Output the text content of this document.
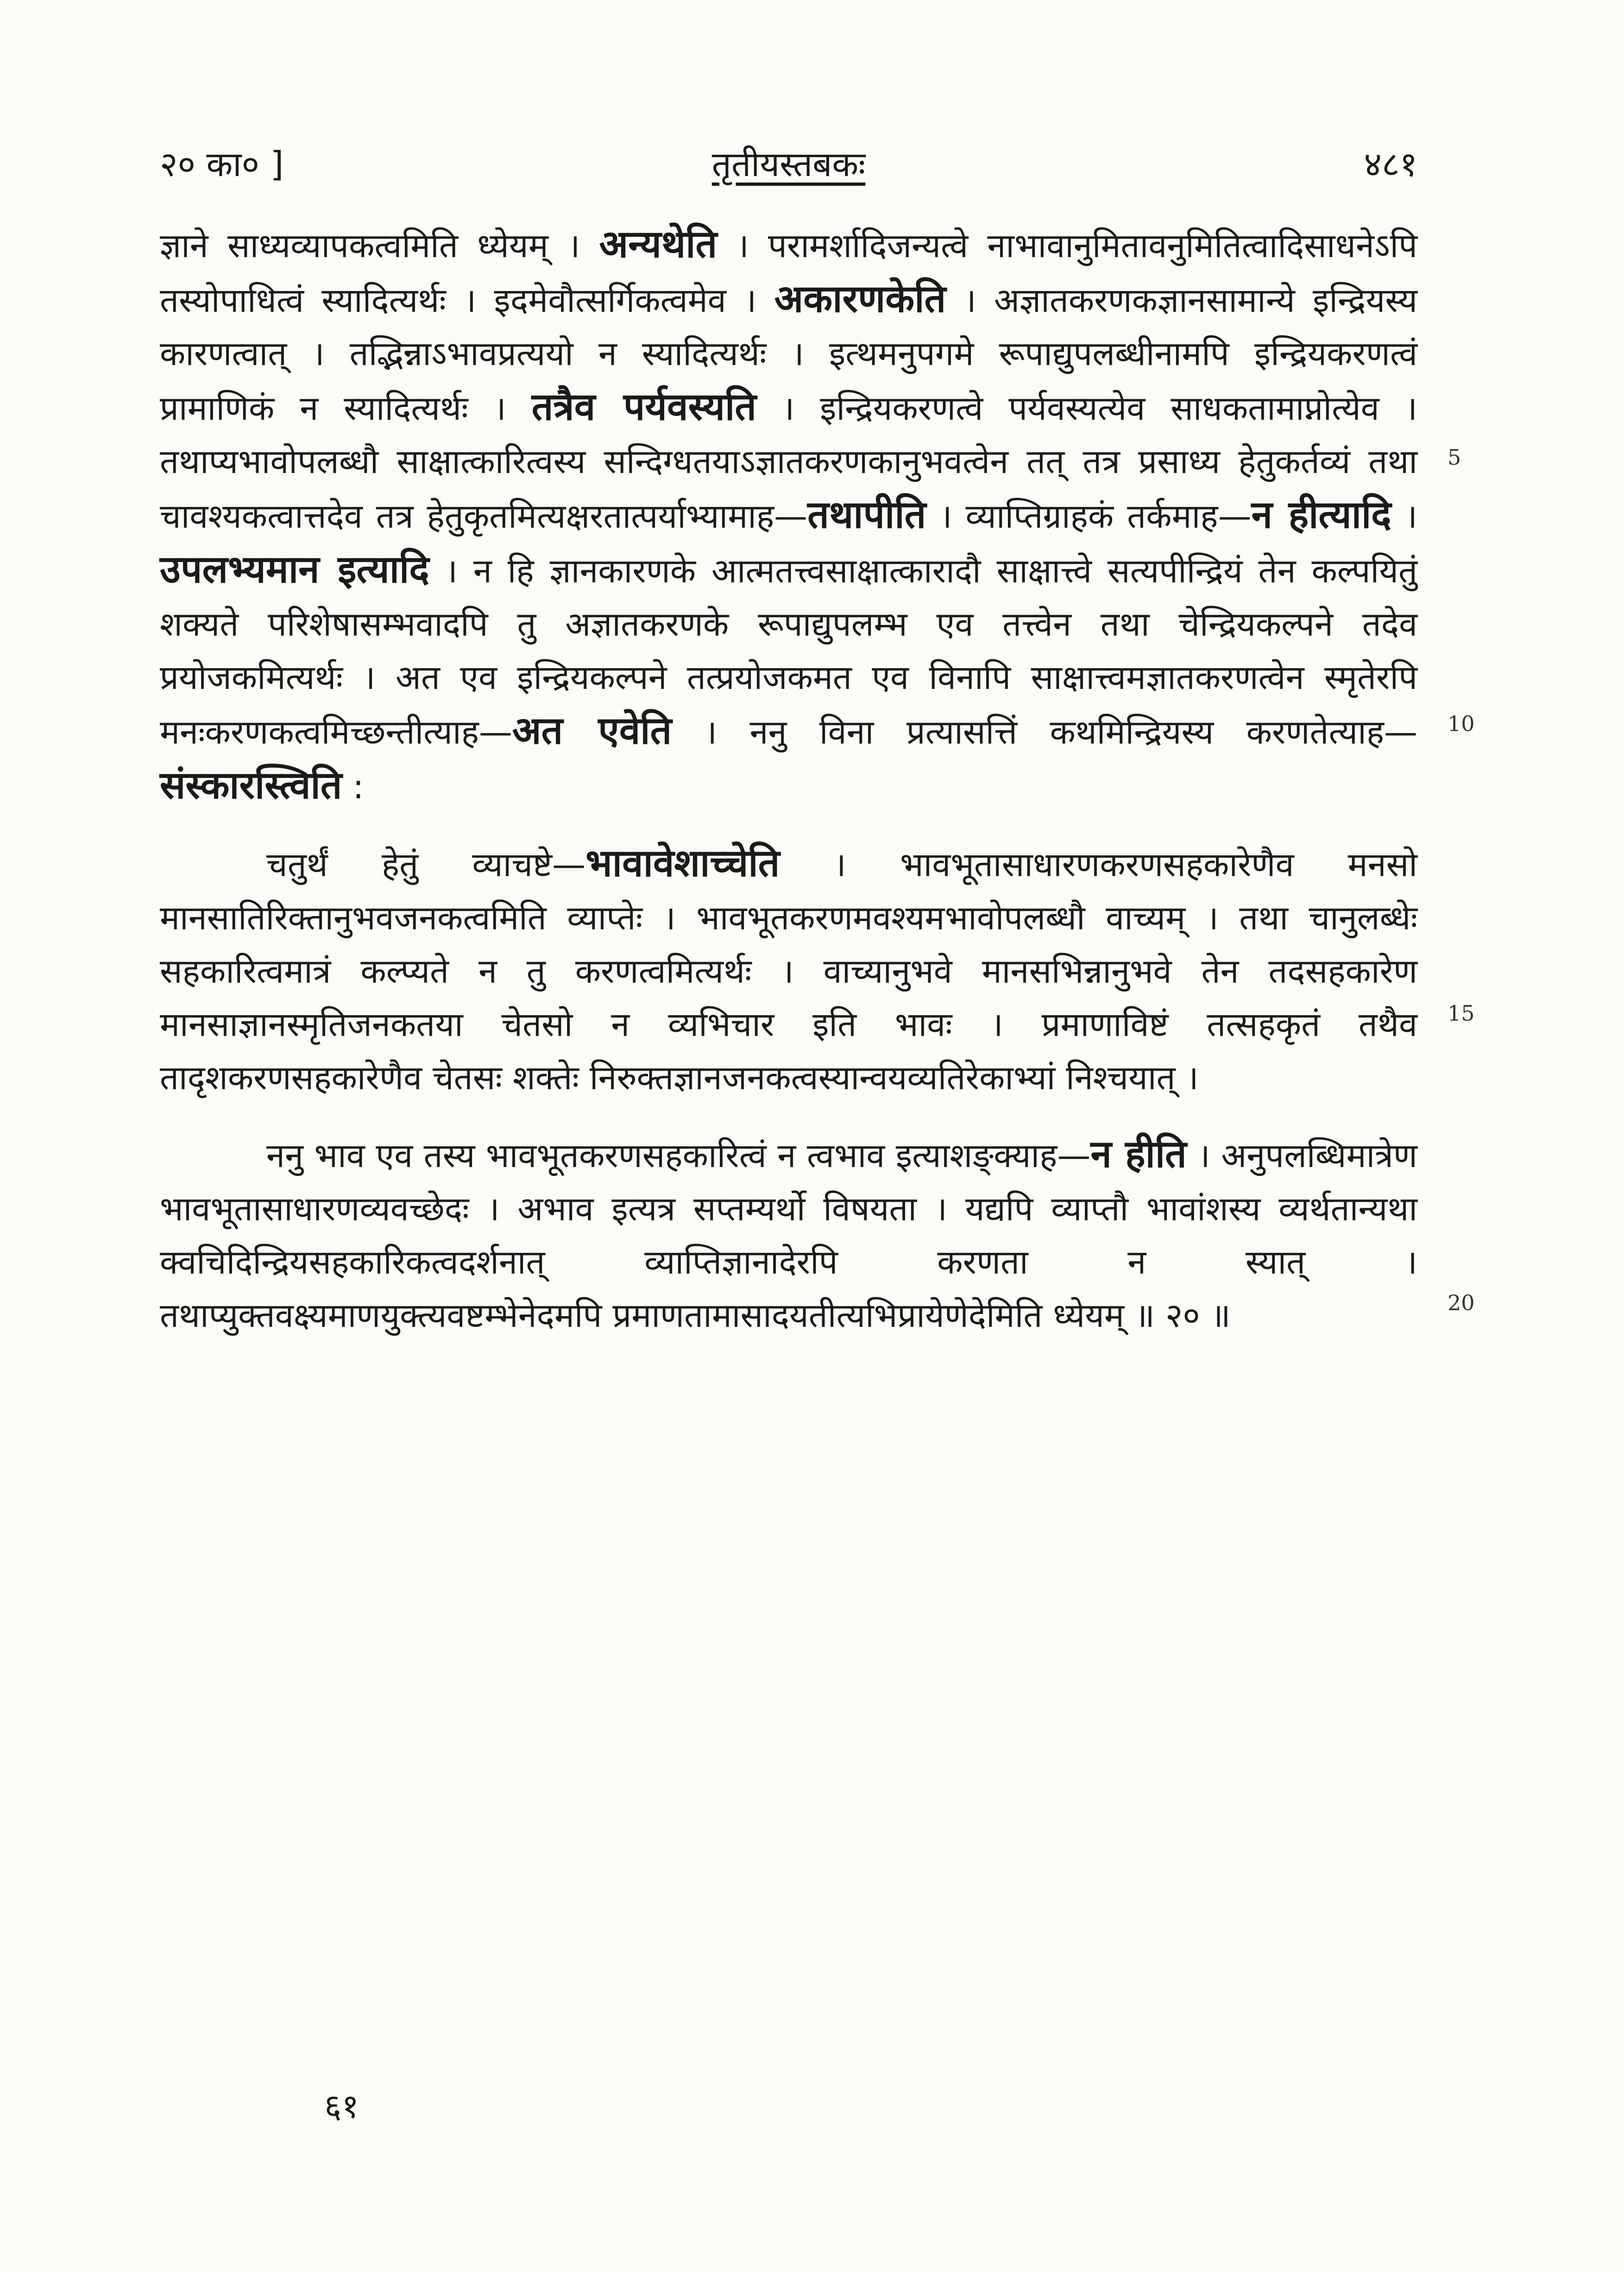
तृतीयस्तबकः
२० का० ]	४८१

ज्ञाने साध्यव्यापकत्वमिति ध्येयम् । अन्यथेति । परामर्शादिजन्यत्वे नाभावानुमितावनुमितित्वादिसाधनेऽपि तस्योपाधित्वं स्यादित्यर्थः । इदमेवौत्सर्गिकत्वमेव । अकारणकेति । अज्ञातकरणकज्ञानसामान्ये इन्द्रियस्य कारणत्वात् । तद्भिन्नाऽभावप्रत्ययो न स्यादित्यर्थः । इत्थमनुपगमे रूपाद्युपलब्धीनामपि इन्द्रियकरणत्वं प्रामाणिकं न स्यादित्यर्थः । तत्रैव पर्यवस्यति । इन्द्रियकरणत्वे पर्यवस्यत्येव साधकतामाप्नोत्येव । तथाप्यभावोपलब्धौ साक्षात्कारित्वस्य सन्दिग्धतयाऽज्ञातकरणकानुभवत्वेन तत् तत्र प्रसाध्य हेतुकर्तव्यं तथा चावश्यकत्वात्तदेव तत्र हेतुकृतमित्यक्षरतात्पर्याभ्यामाह—तथापीति । व्याप्तिग्राहकं तर्कमाह—न हीत्यादि । उपलभ्यमान इत्यादि । न हि ज्ञानकारणके आत्मतत्त्वसाक्षात्कारादौ साक्षात्त्वे सत्यपीन्द्रियं तेन कल्पयितुं शक्यते परिशेषासम्भवादपि तु अज्ञातकरणके रूपाद्युपलम्भ एव तत्त्वेन तथा चेन्द्रियकल्पने तदेव प्रयोजकमित्यर्थः । अत एव इन्द्रियकल्पने तत्प्रयोजकमत एव विनापि साक्षात्त्वमज्ञातकरणत्वेन स्मृतेरपि मनःकरणकत्वमिच्छन्तीत्याह—अत एवेति । ननु विना प्रत्यासत्तिं कथमिन्द्रियस्य करणतेत्याह—संस्कारस्त्विति :

चतुर्थं हेतुं व्याचष्टे—भावावेशाच्चेति । भावभूतासाधारणकरणसहकारेणैव मनसो मानसातिरिक्तानुभवजनकत्वमिति व्याप्तेः । भावभूतकरणमवश्यमभावोपलब्धौ वाच्यम् । तथा चानुलब्धेः सहकारित्वमात्रं कल्प्यते न तु करणत्वमित्यर्थः । वाच्यानुभवे मानसभिन्नानुभवे तेन तदसहकारेण मानसाज्ञानस्मृतिजनकतया चेतसो न व्यभिचार इति भावः । प्रमाणाविष्टं तत्सहकृतं तथैव तादृशकरणसहकारेणैव चेतसः शक्तेः निरुक्तज्ञानजनकत्वस्यान्वयव्यतिरेकाभ्यां निश्चयात् ।

ननु भाव एव तस्य भावभूतकरणसहकारित्वं न त्वभाव इत्याशङ्क्याह—न हीति । अनुपलब्धिमात्रेण भावभूतासाधारणव्यवच्छेदः । अभाव इत्यत्र सप्तम्यर्थो विषयता । यद्यपि व्याप्तौ भावांशस्य व्यर्थतान्यथा क्वचिदिन्द्रियसहकारिकत्वदर्शनात् व्याप्तिज्ञानादेरपि करणता न स्यात् । तथाप्युक्तवक्ष्यमाणयुक्त्यवष्टम्भेनेदमपि प्रमाणतामासादयतीत्यभिप्रायेणेदेमिति ध्येयम् ॥ २० ॥

5
10
15
20
६१
